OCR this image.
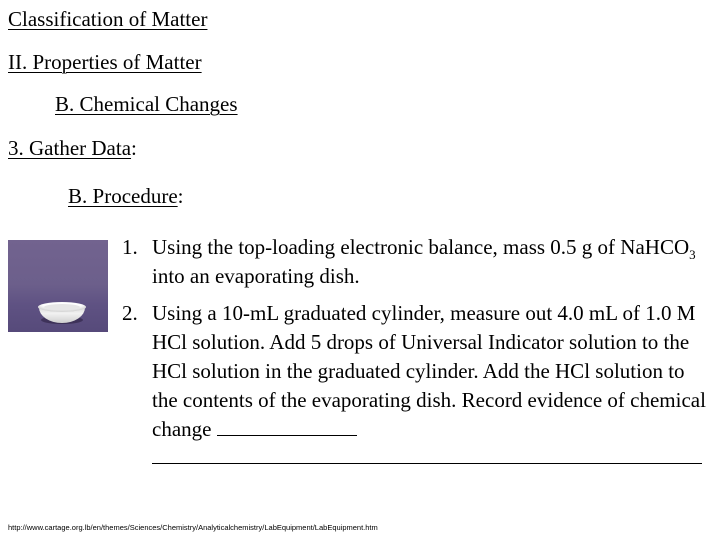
Classification of Matter
II. Properties of Matter
B. Chemical Changes
3. Gather Data:
B. Procedure:
1. Using the top-loading electronic balance, mass 0.5 g of NaHCO$_3$ into an evaporating dish.
2. Using a 10-mL graduated cylinder, measure out 4.0 mL of 1.0 M HCl solution. Add 5 drops of Universal Indicator solution to the HCl solution in the graduated cylinder. Add the HCl solution to the contents of the evaporating dish. Record evidence of chemical change
http://www.cartage.org.lb/en/themes/Sciences/Chemistry/Analyticalchemistry/LabEquipment/LabEquipment.htm
